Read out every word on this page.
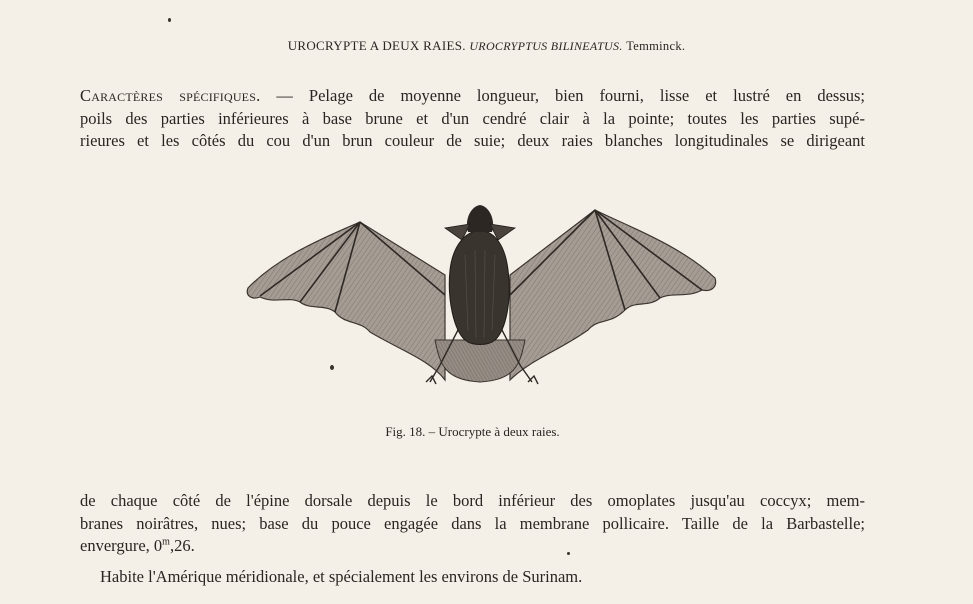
UROCRYPTE A DEUX RAIES. UROCRYPTUS BILINEATUS. Temminck.
Caractères spécifiques. — Pelage de moyenne longueur, bien fourni, lisse et lustré en dessus;
poils des parties inférieures à base brune et d'un cendré clair à la pointe; toutes les parties supé-
rieures et les côtés du cou d'un brun couleur de suie; deux raies blanches longitudinales se dirigeant
Fig. 18. – Urocrypte à deux raies.
de chaque côté de l'épine dorsale depuis le bord inférieur des omoplates jusqu'au coccyx; mem-
branes noirâtres, nues; base du pouce engagée dans la membrane pollicaire. Taille de la Barbastelle;
envergure, 0$^m$,26.
Habite l'Amérique méridionale, et spécialement les environs de Surinam.
